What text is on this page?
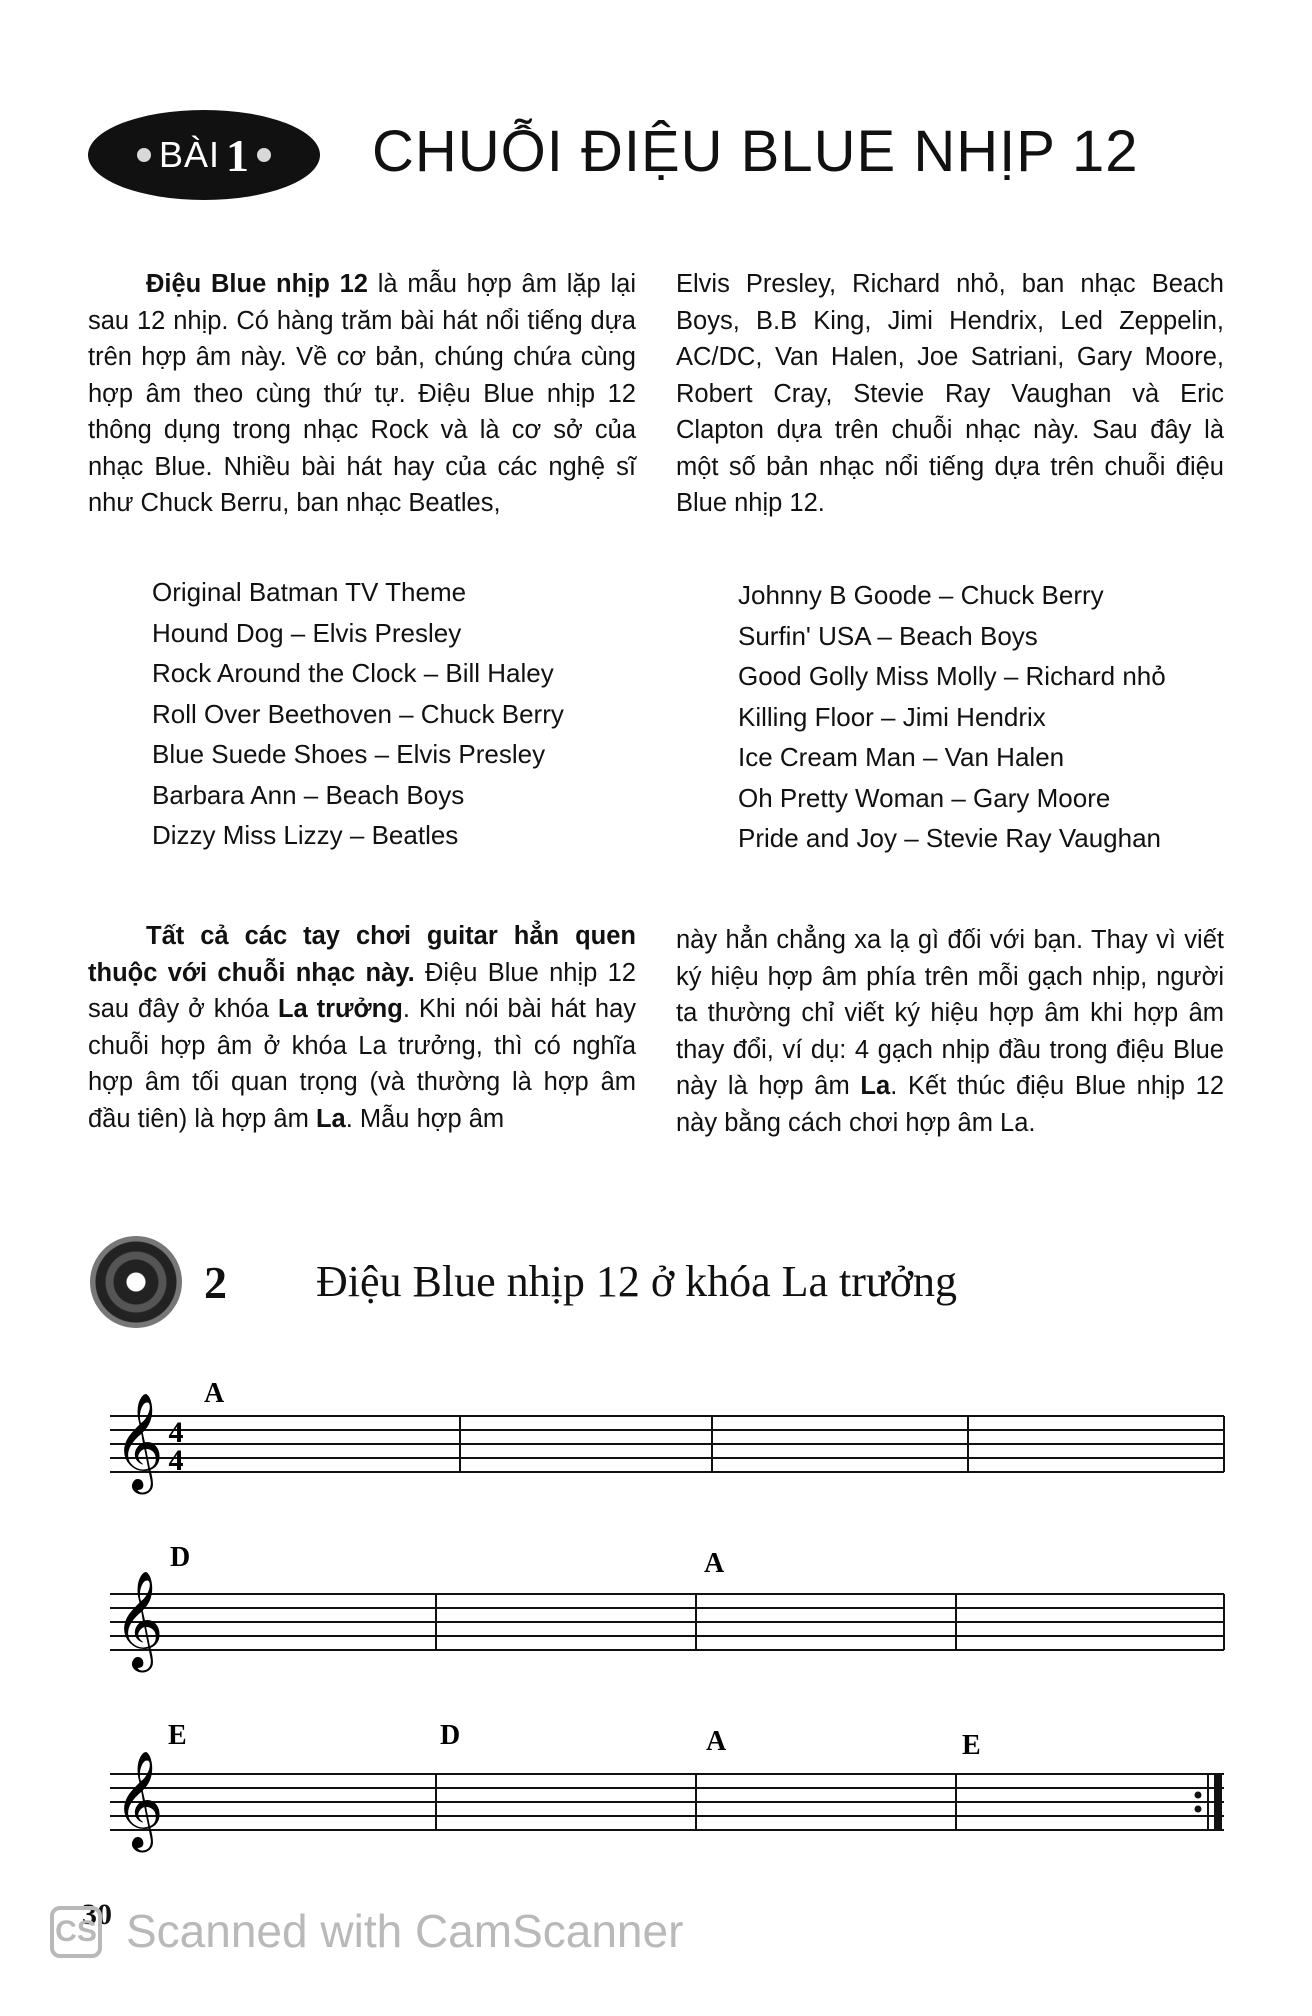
BÀI 1 CHUỖI ĐIỆU BLUE NHỊP 12

Điệu Blue nhịp 12 là mẫu hợp âm lặp lại sau 12 nhịp. Có hàng trăm bài hát nổi tiếng dựa trên hợp âm này. Về cơ bản, chúng chứa cùng hợp âm theo cùng thứ tự. Điệu Blue nhịp 12 thông dụng trong nhạc Rock và là cơ sở của nhạc Blue. Nhiều bài hát hay của các nghệ sĩ như Chuck Berru, ban nhạc Beatles,

Elvis Presley, Richard nhỏ, ban nhạc Beach Boys, B.B King, Jimi Hendrix, Led Zeppelin, AC/DC, Van Halen, Joe Satriani, Gary Moore, Robert Cray, Stevie Ray Vaughan và Eric Clapton dựa trên chuỗi nhạc này. Sau đây là một số bản nhạc nổi tiếng dựa trên chuỗi điệu Blue nhịp 12.

Original Batman TV Theme
Hound Dog – Elvis Presley
Rock Around the Clock – Bill Haley
Roll Over Beethoven – Chuck Berry
Blue Suede Shoes – Elvis Presley
Barbara Ann – Beach Boys
Dizzy Miss Lizzy – Beatles
Johnny B Goode – Chuck Berry
Surfin' USA – Beach Boys
Good Golly Miss Molly – Richard nhỏ
Killing Floor – Jimi Hendrix
Ice Cream Man – Van Halen
Oh Pretty Woman – Gary Moore
Pride and Joy – Stevie Ray Vaughan

Tất cả các tay chơi guitar hẳn quen thuộc với chuỗi nhạc này. Điệu Blue nhịp 12 sau đây ở khóa La trưởng. Khi nói bài hát hay chuỗi hợp âm ở khóa La trưởng, thì có nghĩa hợp âm tối quan trọng (và thường là hợp âm đầu tiên) là hợp âm La. Mẫu hợp âm

này hẳn chẳng xa lạ gì đối với bạn. Thay vì viết ký hiệu hợp âm phía trên mỗi gạch nhịp, người ta thường chỉ viết ký hiệu hợp âm khi hợp âm thay đổi, ví dụ: 4 gạch nhịp đầu trong điệu Blue này là hợp âm La. Kết thúc điệu Blue nhịp 12 này bằng cách chơi hợp âm La.

2 Điệu Blue nhịp 12 ở khóa La trưởng
𝄞 4
4
A
𝄞
D	A
𝄞
E	D	A	E
30
CS Scanned with CamScanner
